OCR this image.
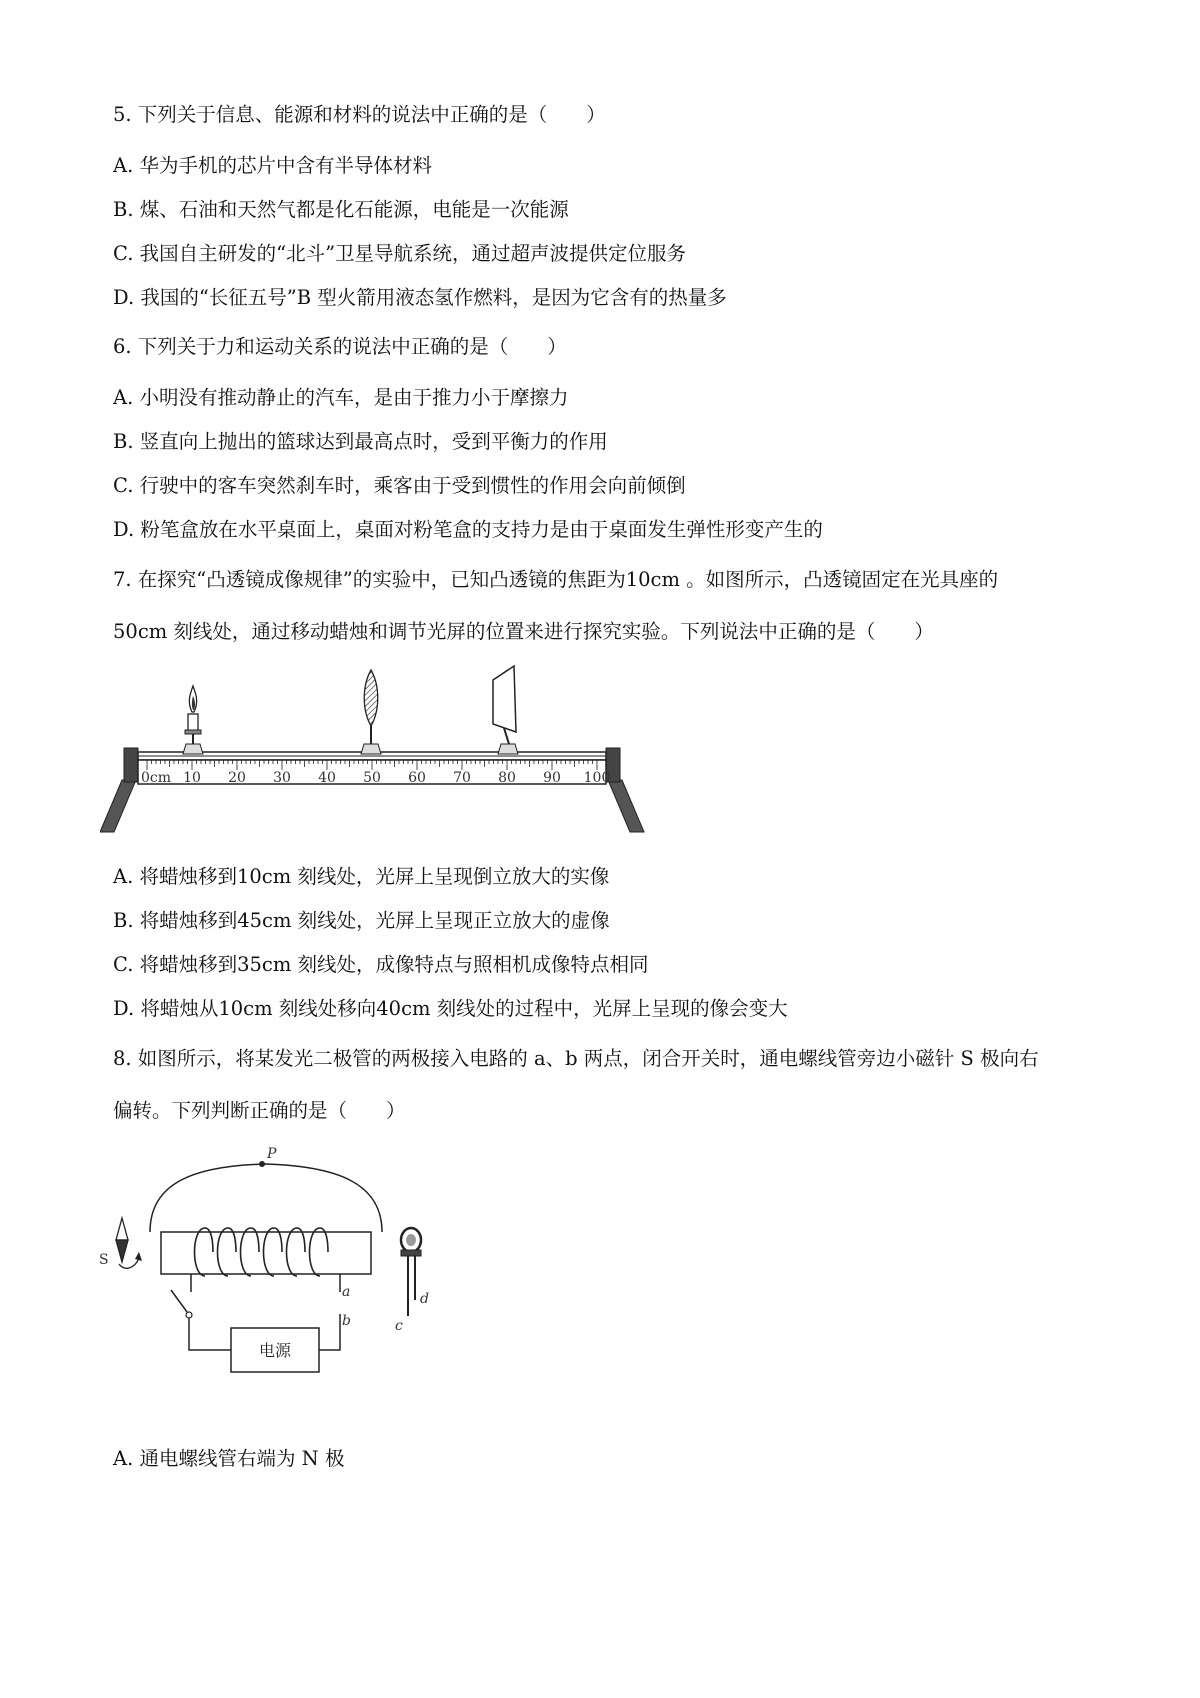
5. 下列关于信息、能源和材料的说法中正确的是（　　）
A. 华为手机的芯片中含有半导体材料
B. 煤、石油和天然气都是化石能源，电能是一次能源
C. 我国自主研发的“北斗”卫星导航系统，通过超声波提供定位服务
D. 我国的“长征五号”B 型火箭用液态氢作燃料，是因为它含有的热量多
6. 下列关于力和运动关系的说法中正确的是（　　）
A. 小明没有推动静止的汽车，是由于推力小于摩擦力
B. 竖直向上抛出的篮球达到最高点时，受到平衡力的作用
C. 行驶中的客车突然刹车时，乘客由于受到惯性的作用会向前倾倒
D. 粉笔盒放在水平桌面上，桌面对粉笔盒的支持力是由于桌面发生弹性形变产生的
7. 在探究“凸透镜成像规律”的实验中，已知凸透镜的焦距为10cm 。如图所示，凸透镜固定在光具座的
50cm 刻线处，通过移动蜡烛和调节光屏的位置来进行探究实验。下列说法中正确的是（　　）
0cm 10 20 30 40 50 60 70 80 90 100
A. 将蜡烛移到10cm 刻线处，光屏上呈现倒立放大的实像
B. 将蜡烛移到45cm 刻线处，光屏上呈现正立放大的虚像
C. 将蜡烛移到35cm 刻线处，成像特点与照相机成像特点相同
D. 将蜡烛从10cm 刻线处移向40cm 刻线处的过程中，光屏上呈现的像会变大
8. 如图所示，将某发光二极管的两极接入电路的 a、b 两点，闭合开关时，通电螺线管旁边小磁针 S 极向右
偏转。下列判断正确的是（　　）
P
S
a
电源
b	c
d
A. 通电螺线管右端为 N 极
